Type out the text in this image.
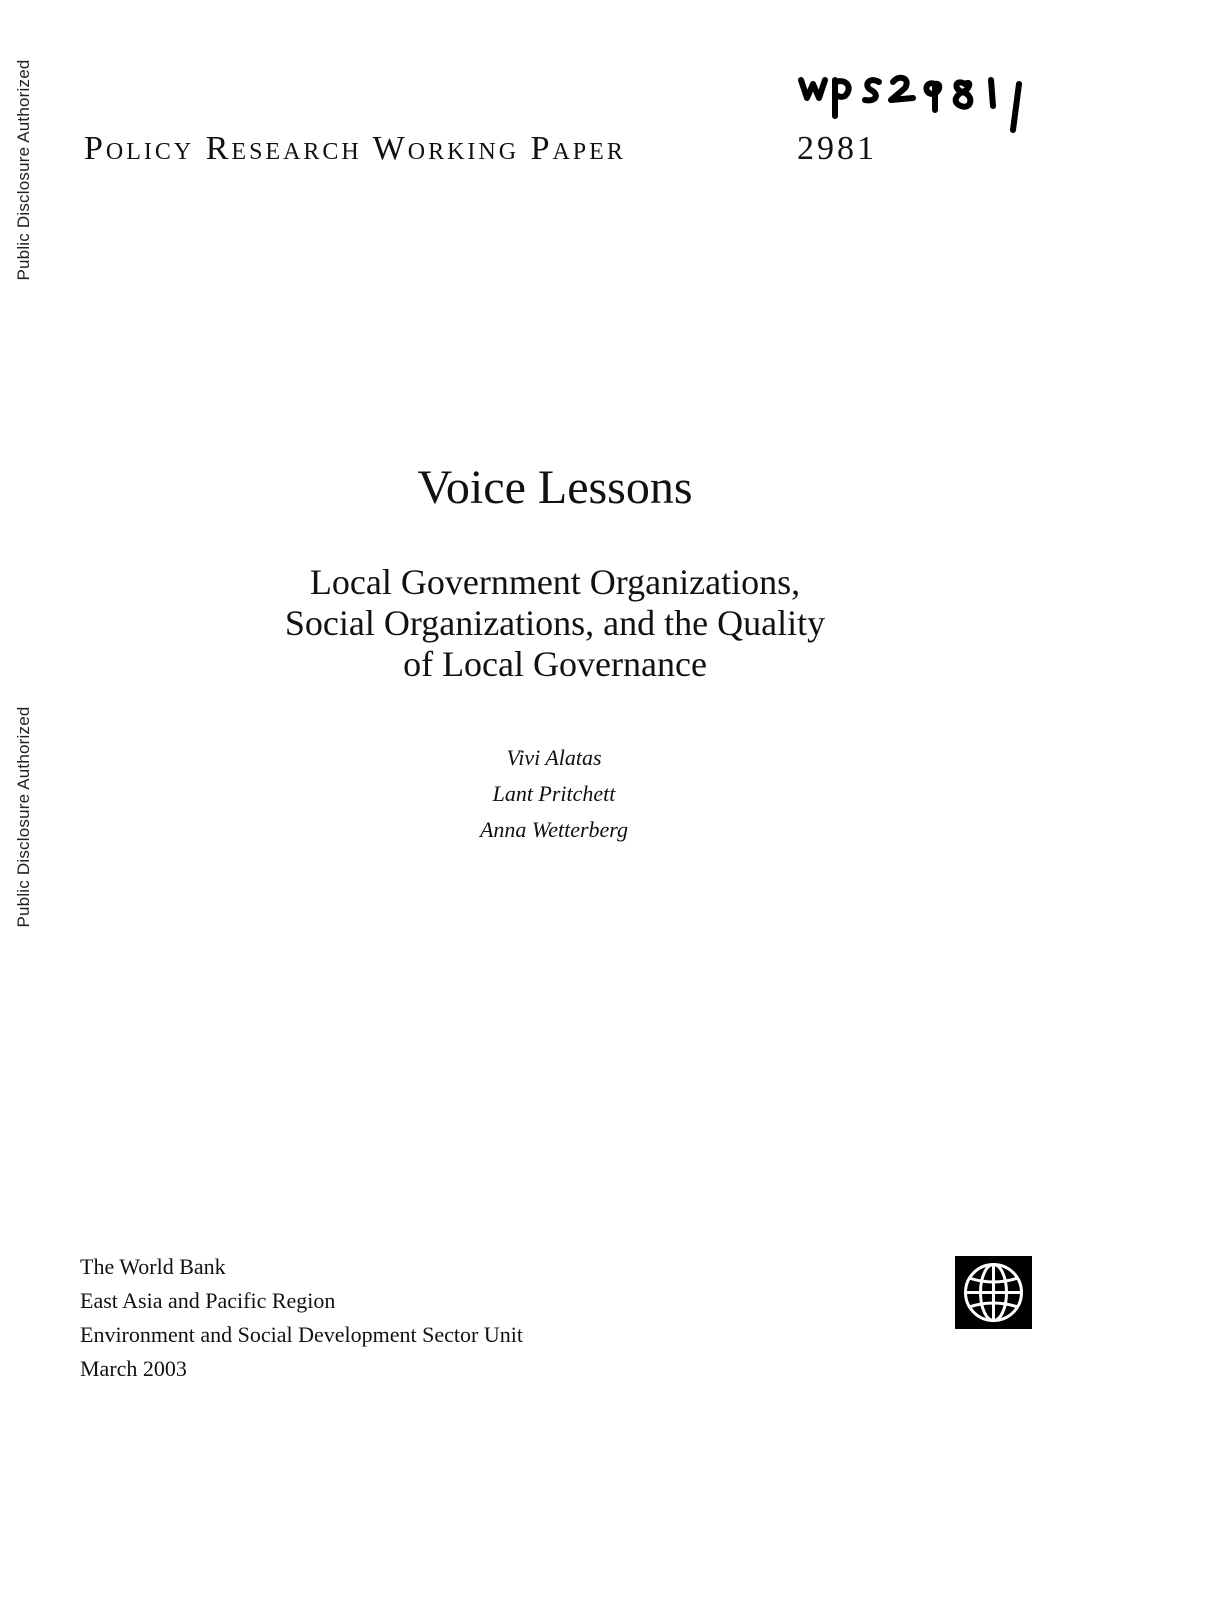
Public Disclosure Authorized
Public Disclosure Authorized
Policy Research Working Paper	2981
Voice Lessons
Local Government Organizations,
Social Organizations, and the Quality
of Local Governance
Vivi Alatas
Lant Pritchett
Anna Wetterberg
The World Bank
East Asia and Pacific Region
Environment and Social Development Sector Unit
March 2003
